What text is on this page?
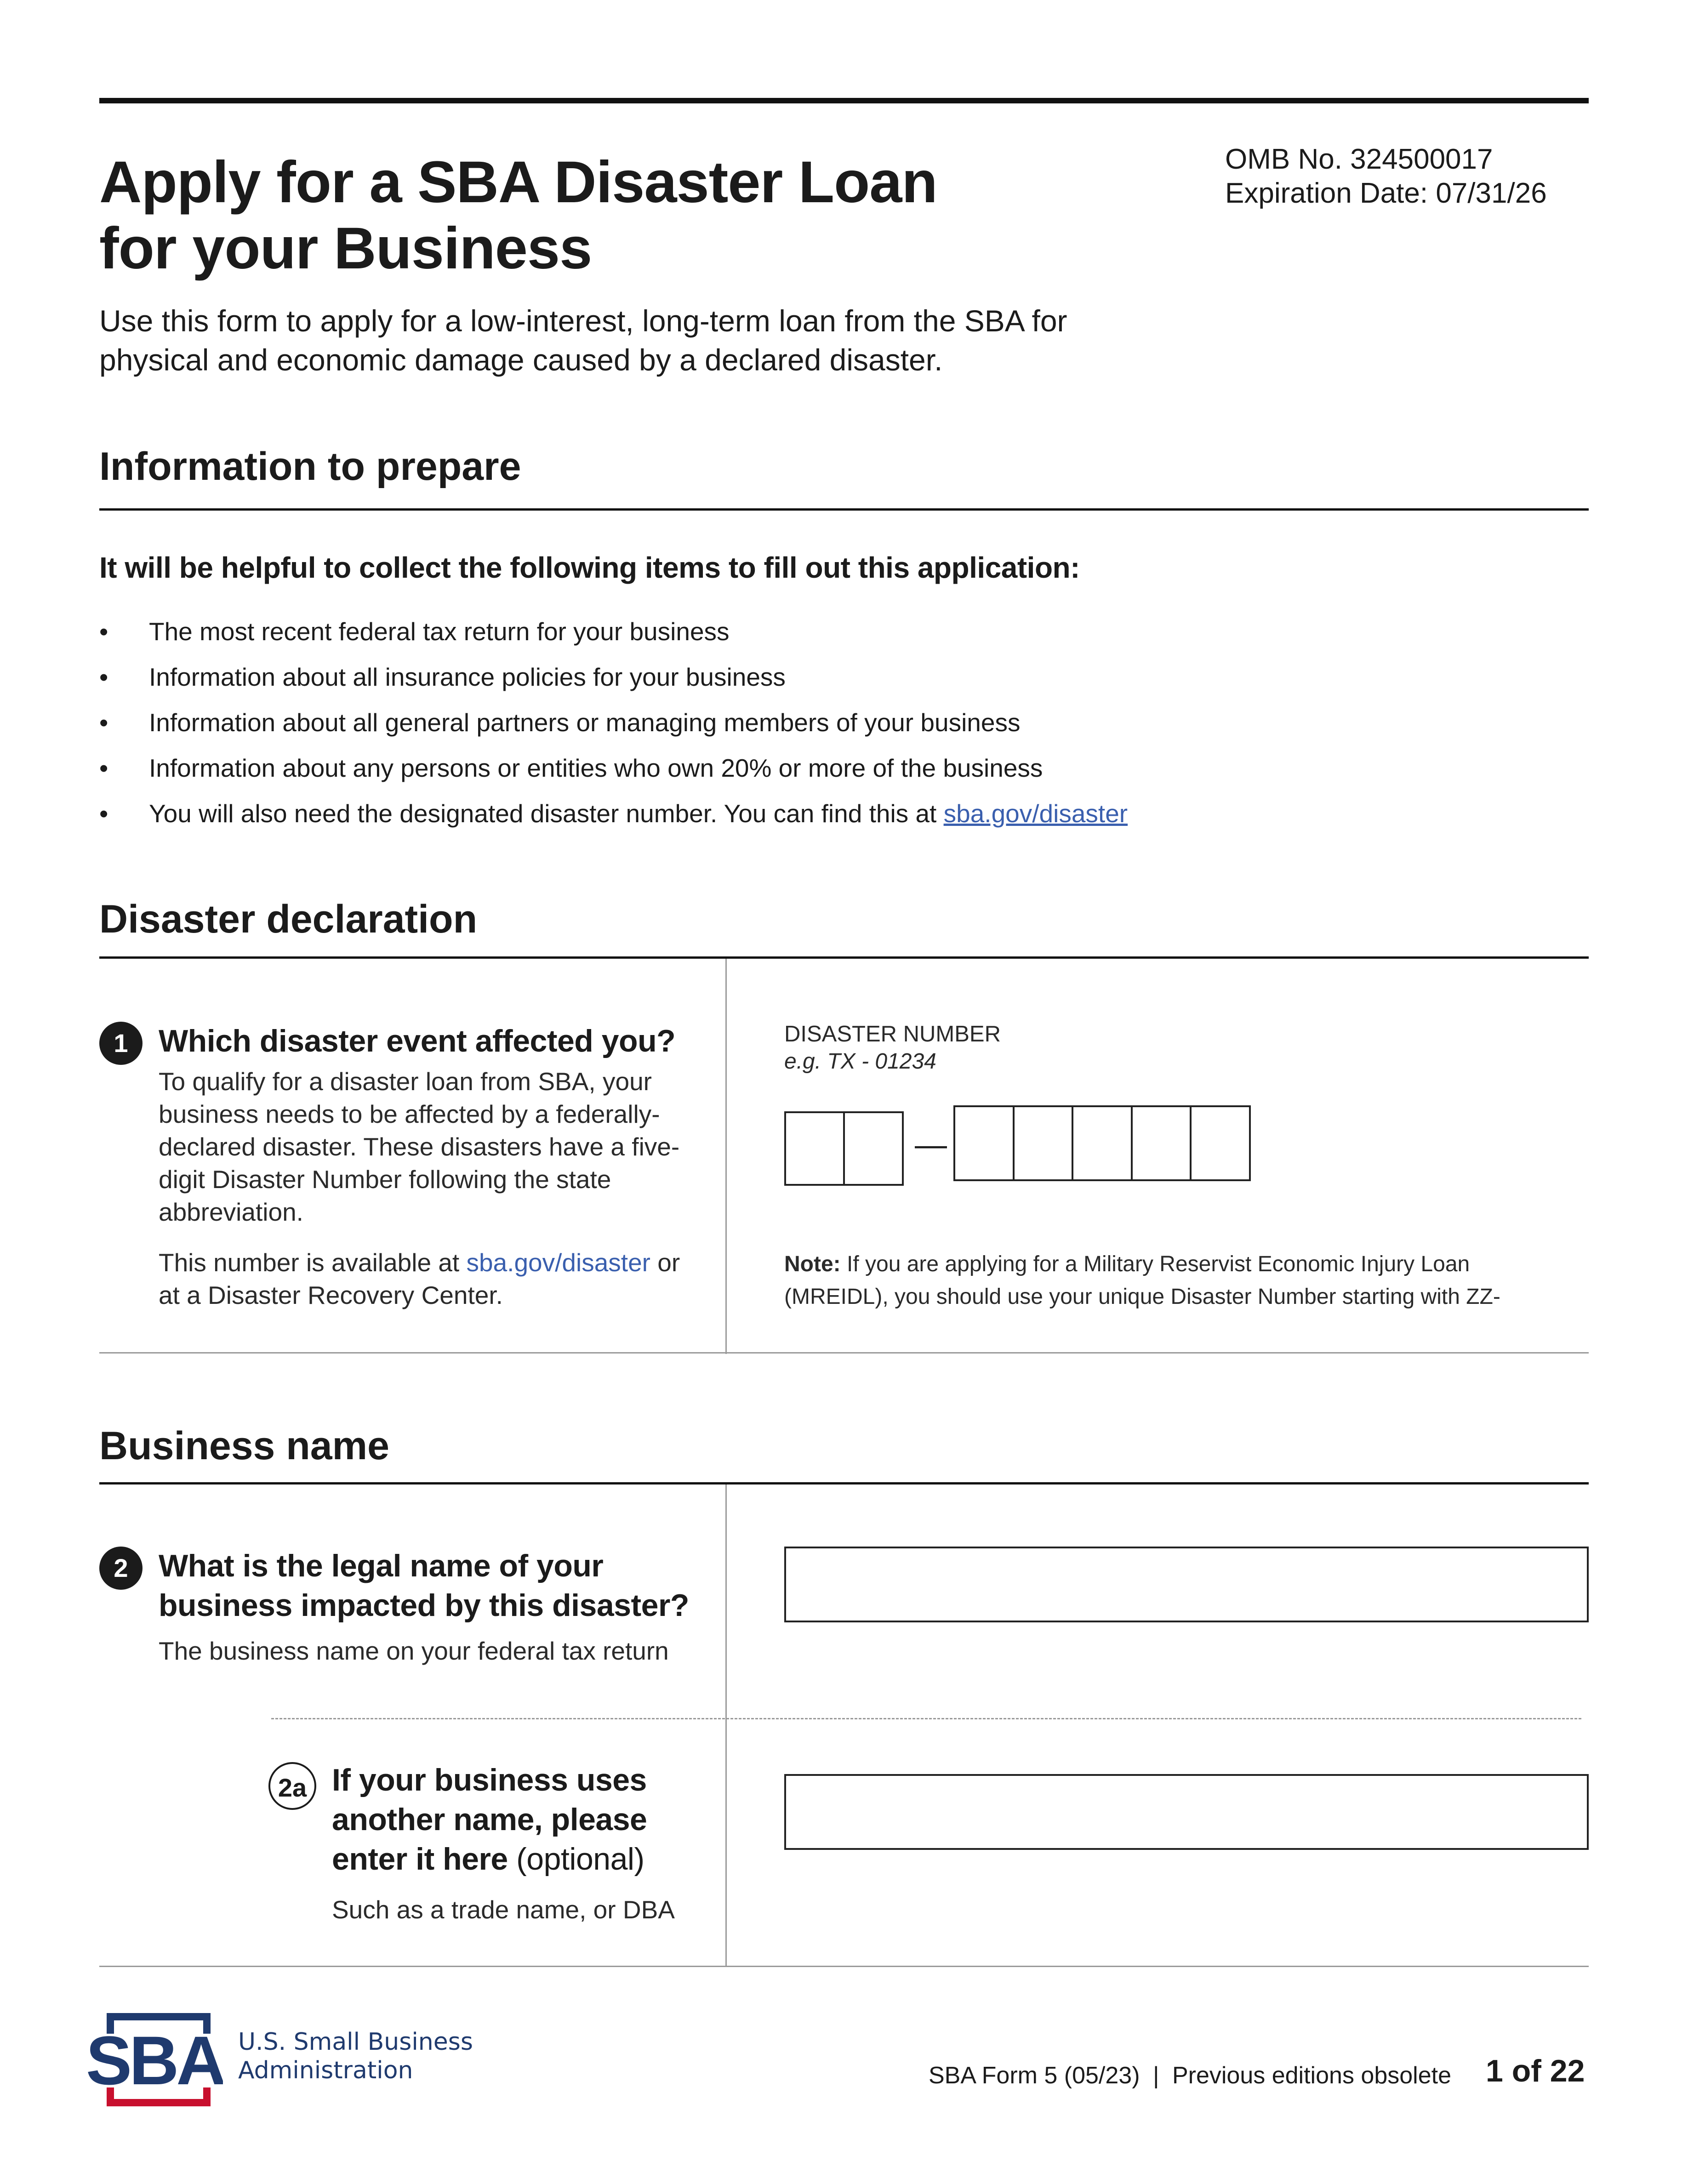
Apply for a SBA Disaster Loan
for your Business
OMB No. 324500017
Expiration Date: 07/31/26
Use this form to apply for a low-interest, long-term loan from the SBA for
physical and economic damage caused by a declared disaster.
Information to prepare
It will be helpful to collect the following items to fill out this application:
•	The most recent federal tax return for your business
•	Information about all insurance policies for your business
•	Information about all general partners or managing members of your business
•	Information about any persons or entities who own 20% or more of the business
•	You will also need the designated disaster number. You can find this at sba.gov/disaster
Disaster declaration
1 Which disaster event affected you?
To qualify for a disaster loan from SBA, your business needs to be affected by a federally-declared disaster. These disasters have a five-digit Disaster Number following the state abbreviation.
This number is available at sba.gov/disaster or at a Disaster Recovery Center.
DISASTER NUMBER
e.g. TX - 01234
—
Note: If you are applying for a Military Reservist Economic Injury Loan (MREIDL), you should use your unique Disaster Number starting with ZZ-
Business name
2 What is the legal name of your business impacted by this disaster?
The business name on your federal tax return
2a If your business uses another name, please enter it here (optional)
Such as a trade name, or DBA
SBA U.S. Small Business
Administration	SBA Form 5 (05/23) | Previous editions obsolete 1 of 22
